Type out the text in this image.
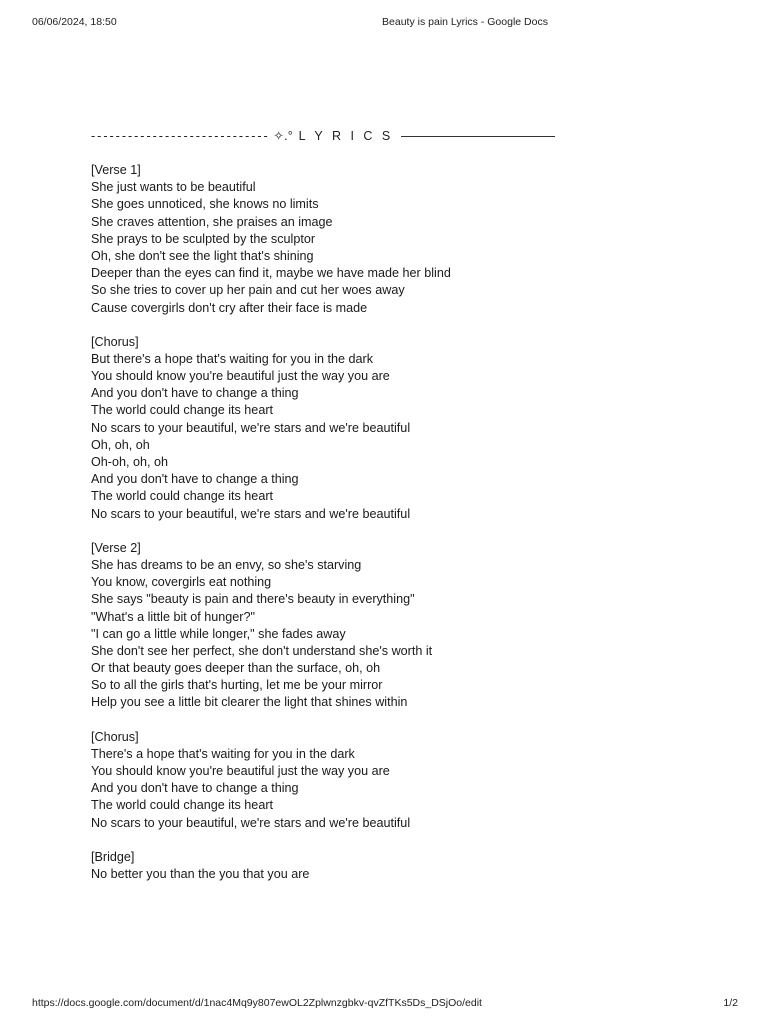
06/06/2024, 18:50	Beauty is pain Lyrics - Google Docs
----------------------------- ✧.° L Y R I C S
[Verse 1]
She just wants to be beautiful
She goes unnoticed, she knows no limits
She craves attention, she praises an image
She prays to be sculpted by the sculptor
Oh, she don't see the light that's shining
Deeper than the eyes can find it, maybe we have made her blind
So she tries to cover up her pain and cut her woes away
Cause covergirls don't cry after their face is made
[Chorus]
But there's a hope that's waiting for you in the dark
You should know you're beautiful just the way you are
And you don't have to change a thing
The world could change its heart
No scars to your beautiful, we're stars and we're beautiful
Oh, oh, oh
Oh-oh, oh, oh
And you don't have to change a thing
The world could change its heart
No scars to your beautiful, we're stars and we're beautiful
[Verse 2]
She has dreams to be an envy, so she's starving
You know, covergirls eat nothing
She says "beauty is pain and there's beauty in everything"
"What's a little bit of hunger?"
"I can go a little while longer," she fades away
She don't see her perfect, she don't understand she's worth it
Or that beauty goes deeper than the surface, oh, oh
So to all the girls that's hurting, let me be your mirror
Help you see a little bit clearer the light that shines within
[Chorus]
There's a hope that's waiting for you in the dark
You should know you're beautiful just the way you are
And you don't have to change a thing
The world could change its heart
No scars to your beautiful, we're stars and we're beautiful
[Bridge]
No better you than the you that you are
https://docs.google.com/document/d/1nac4Mq9y807ewOL2Zplwnzgbkv-qvZfTKs5Ds_DSjOo/edit	1/2
